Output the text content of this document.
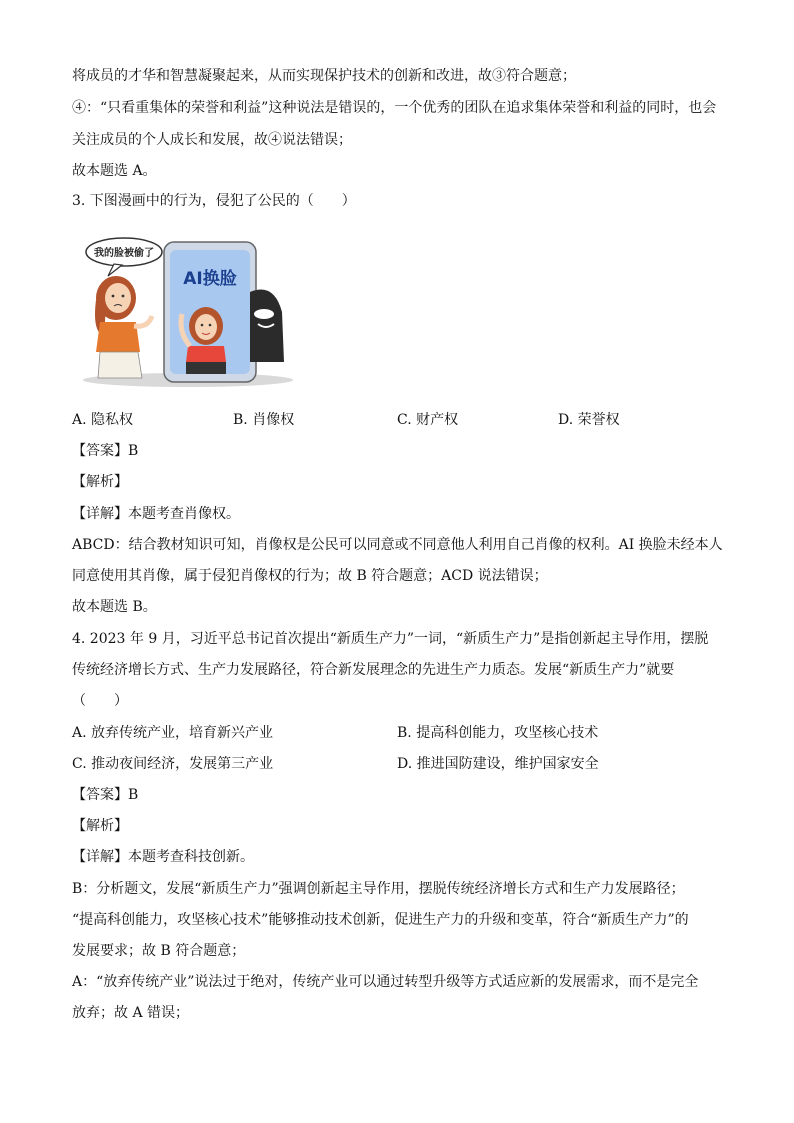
将成员的才华和智慧凝聚起来，从而实现保护技术的创新和改进，故③符合题意；
④：“只看重集体的荣誉和利益”这种说法是错误的，一个优秀的团队在追求集体荣誉和利益的同时，也会
关注成员的个人成长和发展，故④说法错误；
故本题选 A。
3. 下图漫画中的行为，侵犯了公民的（　　）
我的脸被偷了
AI换脸
A. 隐私权	B. 肖像权	C. 财产权	D. 荣誉权
【答案】B
【解析】
【详解】本题考查肖像权。
ABCD：结合教材知识可知，肖像权是公民可以同意或不同意他人利用自己肖像的权利。AI 换脸未经本人
同意使用其肖像，属于侵犯肖像权的行为；故 B 符合题意；ACD 说法错误；
故本题选 B。
4. 2023 年 9 月，习近平总书记首次提出“新质生产力”一词，“新质生产力”是指创新起主导作用，摆脱
传统经济增长方式、生产力发展路径，符合新发展理念的先进生产力质态。发展“新质生产力”就要
（　　）
A. 放弃传统产业，培育新兴产业	B. 提高科创能力，攻坚核心技术
C. 推动夜间经济，发展第三产业	D. 推进国防建设，维护国家安全
【答案】B
【解析】
【详解】本题考查科技创新。
B：分析题文，发展“新质生产力”强调创新起主导作用，摆脱传统经济增长方式和生产力发展路径；
“提高科创能力，攻坚核心技术”能够推动技术创新，促进生产力的升级和变革，符合“新质生产力”的
发展要求；故 B 符合题意；
A：“放弃传统产业”说法过于绝对，传统产业可以通过转型升级等方式适应新的发展需求，而不是完全
放弃；故 A 错误；
